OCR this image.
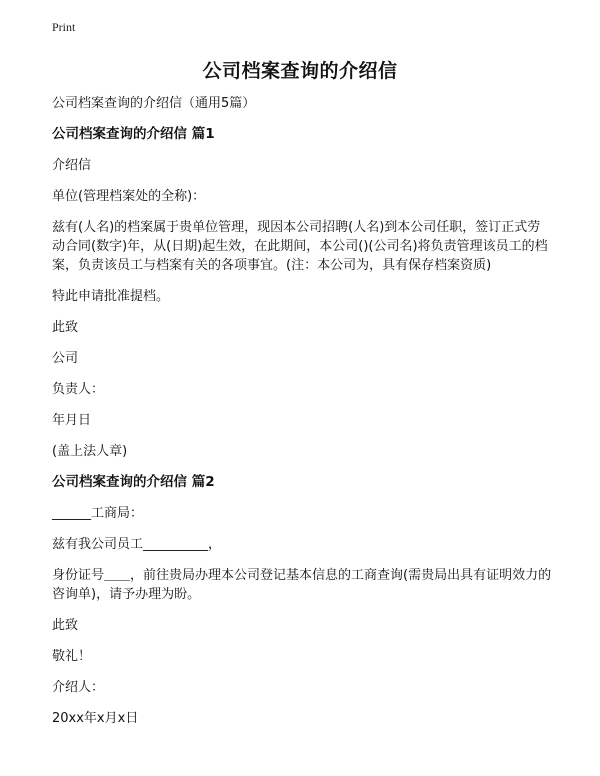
Print
公司档案查询的介绍信

公司档案查询的介绍信（通用5篇）

公司档案查询的介绍信 篇1

介绍信

单位(管理档案处的全称)：

兹有(人名)的档案属于贵单位管理，现因本公司招聘(人名)到本公司任职，签订正式劳动合同(数字)年，从(日期)起生效，在此期间，本公司()(公司名)将负责管理该员工的档案，负责该员工与档案有关的各项事宜。(注：本公司为，具有保存档案资质)

特此申请批准提档。

此致

公司

负责人：

年月日

(盖上法人章)

公司档案查询的介绍信 篇2

______工商局：

兹有我公司员工__________，

身份证号＿＿，前往贵局办理本公司登记基本信息的工商查询(需贵局出具有证明效力的咨询单)，请予办理为盼。

此致

敬礼！

介绍人：

20xx年x月x日
